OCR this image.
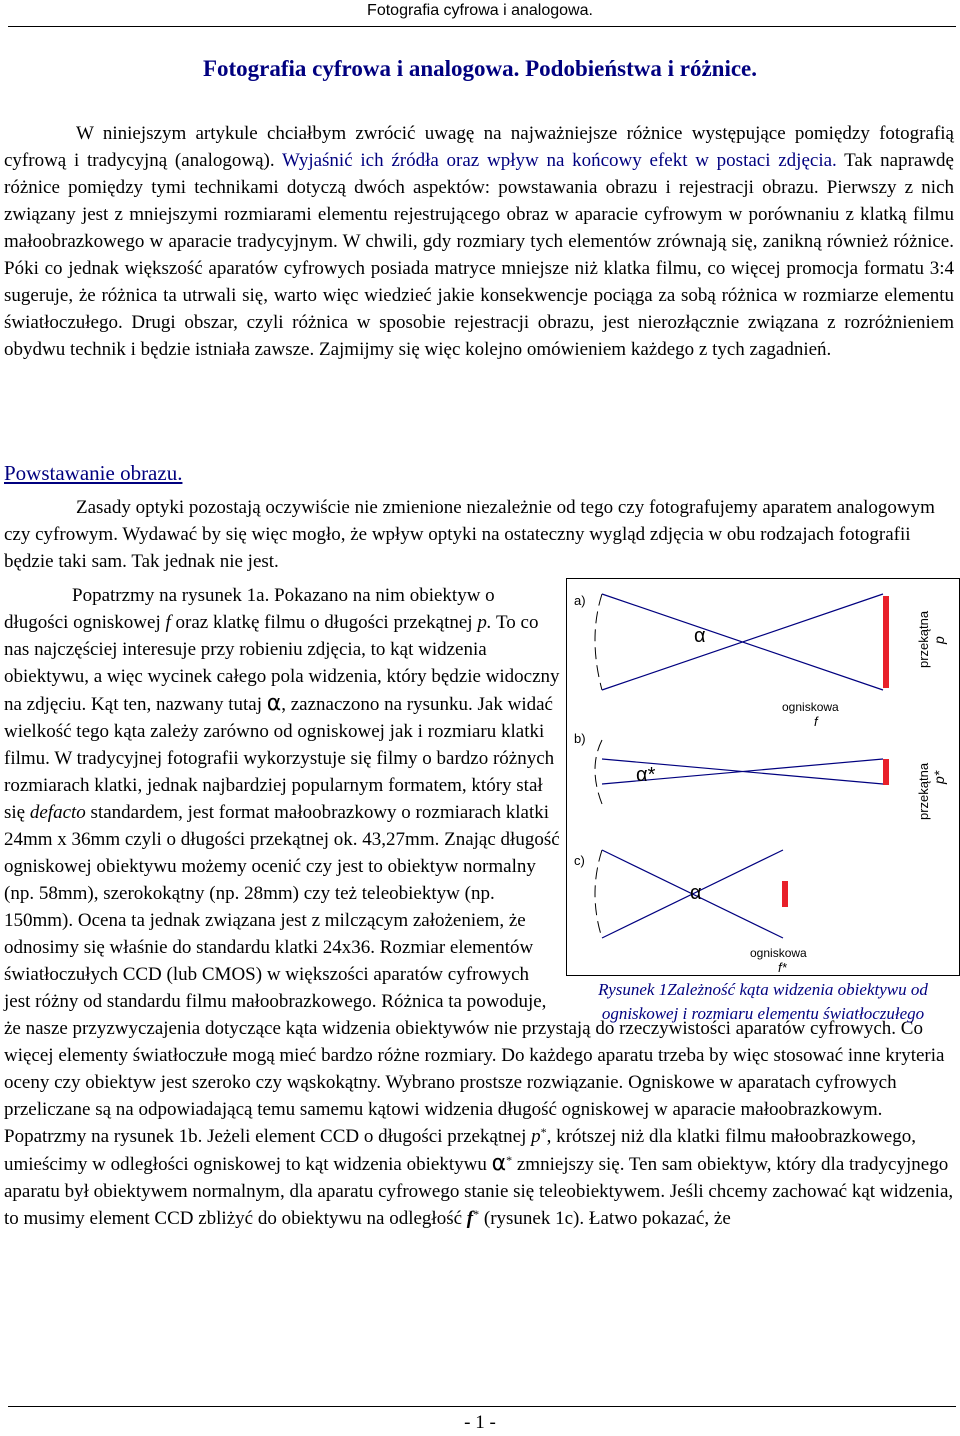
Fotografia cyfrowa i analogowa.
Fotografia cyfrowa i analogowa. Podobieństwa i różnice.
W niniejszym artykule chciałbym zwrócić uwagę na najważniejsze różnice występujące pomiędzy fotografią cyfrową i tradycyjną (analogową). Wyjaśnić ich źródła oraz wpływ na końcowy efekt w postaci zdjęcia. Tak naprawdę różnice pomiędzy tymi technikami dotyczą dwóch aspektów: powstawania obrazu i rejestracji obrazu. Pierwszy z nich związany jest z mniejszymi rozmiarami elementu rejestrującego obraz w aparacie cyfrowym w porównaniu z klatką filmu małoobrazkowego w aparacie tradycyjnym. W chwili, gdy rozmiary tych elementów zrównają się, zanikną również różnice. Póki co jednak większość aparatów cyfrowych posiada matryce mniejsze niż klatka filmu, co więcej promocja formatu 3:4 sugeruje, że różnica ta utrwali się, warto więc wiedzieć jakie konsekwencje pociąga za sobą różnica w rozmiarze elementu światłoczułego. Drugi obszar, czyli różnica w sposobie rejestracji obrazu, jest nierozłącznie związana z rozróżnieniem obydwu technik i będzie istniała zawsze. Zajmijmy się więc kolejno omówieniem każdego z tych zagadnień.
Powstawanie obrazu.
Zasady optyki pozostają oczywiście nie zmienione niezależnie od tego czy fotografujemy aparatem analogowym czy cyfrowym. Wydawać by się więc mogło, że wpływ optyki na ostateczny wygląd zdjęcia w obu rodzajach fotografii będzie taki sam. Tak jednak nie jest.
Popatrzmy na rysunek 1a. Pokazano na nim obiektyw o długości ogniskowej f oraz klatkę filmu o długości przekątnej p. To co nas najczęściej interesuje przy robieniu zdjęcia, to kąt widzenia obiektywu, a więc wycinek całego pola widzenia, który będzie widoczny na zdjęciu. Kąt ten, nazwany tutaj α, zaznaczono na rysunku. Jak widać wielkość tego kąta zależy zarówno od ogniskowej jak i rozmiaru klatki filmu. W tradycyjnej fotografii wykorzystuje się filmy o bardzo różnych rozmiarach klatki, jednak najbardziej popularnym formatem, który stał się defacto standardem, jest format małoobrazkowy o rozmiarach klatki 24mm x 36mm czyli o długości przekątnej ok. 43,27mm. Znając długość ogniskowej obiektywu możemy ocenić czy jest to obiektyw normalny (np. 58mm), szerokokątny (np. 28mm) czy też teleobiektyw (np. 150mm). Ocena ta jednak związana jest z milczącym założeniem, że odnosimy się właśnie do standardu klatki 24x36. Rozmiar elementów światłoczułych CCD (lub CMOS) w większości aparatów cyfrowych jest różny od standardu filmu małoobrazkowego. Różnica ta powoduje, że nasze przyzwyczajenia dotyczące kąta widzenia obiektywów nie przystają do rzeczywistości aparatów cyfrowych. Co więcej elementy światłoczułe mogą mieć bardzo różne rozmiary. Do każdego aparatu trzeba by więc stosować inne kryteria oceny czy obiektyw jest szeroko czy wąskokątny. Wybrano prostsze rozwiązanie. Ogniskowe w aparatach cyfrowych przeliczane są na odpowiadającą temu samemu kątowi widzenia długość ogniskowej w aparacie małoobrazkowym. Popatrzmy na rysunek 1b. Jeżeli element CCD o długości przekątnej p*, krótszej niż dla klatki filmu małoobrazkowego, umieścimy w odległości ogniskowej to kąt widzenia obiektywu α* zmniejszy się. Ten sam obiektyw, który dla tradycyjnego aparatu był obiektywem normalnym, dla aparatu cyfrowego stanie się teleobiektywem. Jeśli chcemy zachować kąt widzenia, to musimy element CCD zbliżyć do obiektywu na odległość f* (rysunek 1c). Łatwo pokazać, że
a)
α
ogniskowa
f
przekątna p
b)
α*	przekątna p*
c)
α
ogniskowa
f*
Rysunek 1Zależność kąta widzenia obiektywu od ogniskowej i rozmiaru elementu światłoczułego
- 1 -
